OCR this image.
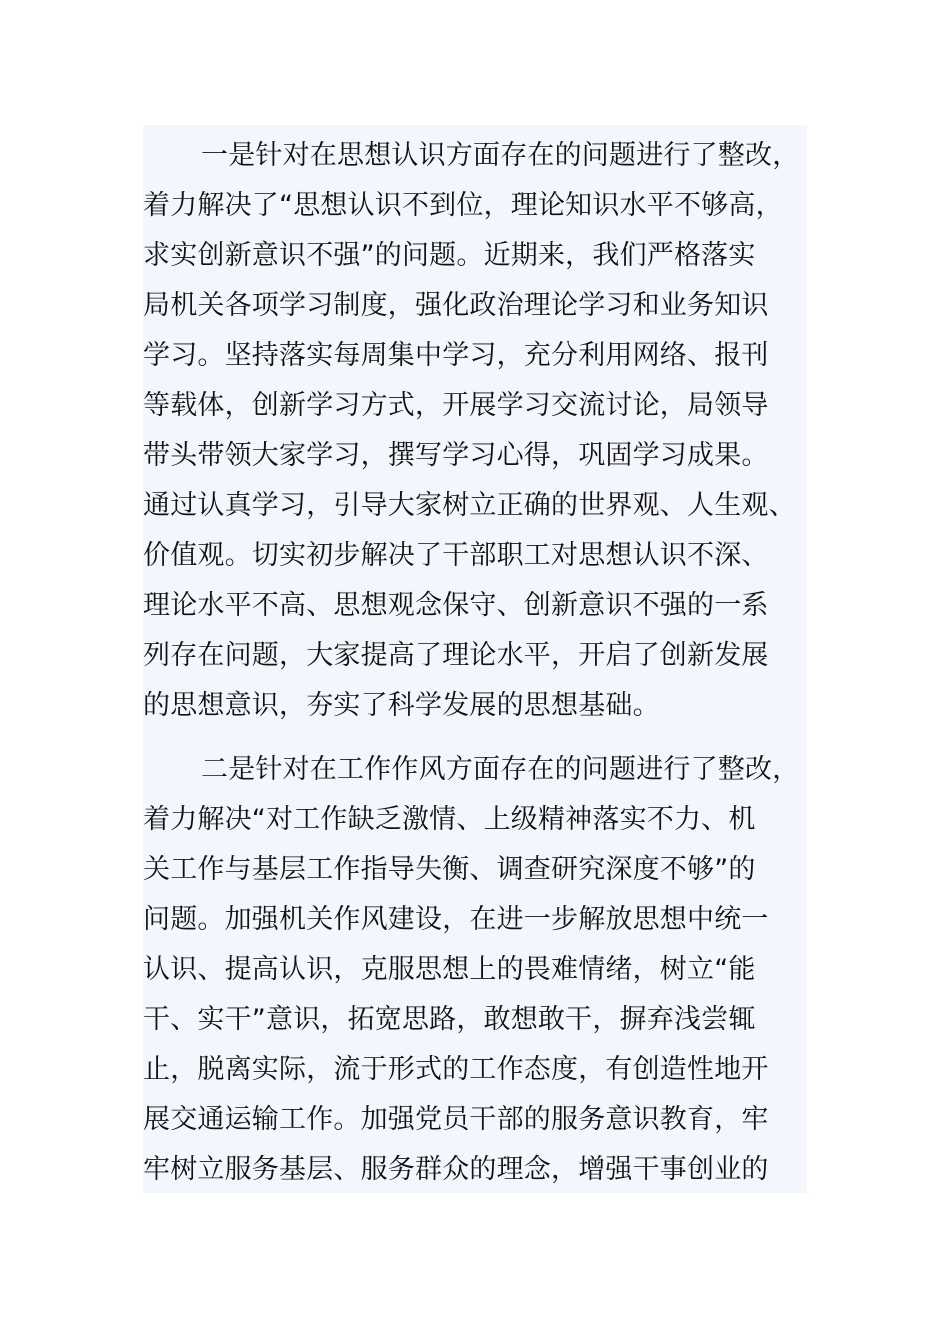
一是针对在思想认识方面存在的问题进行了整改，
着力解决了“思想认识不到位，理论知识水平不够高，
求实创新意识不强”的问题。近期来，我们严格落实
局机关各项学习制度，强化政治理论学习和业务知识
学习。坚持落实每周集中学习，充分利用网络、报刊
等载体，创新学习方式，开展学习交流讨论，局领导
带头带领大家学习，撰写学习心得，巩固学习成果。
通过认真学习，引导大家树立正确的世界观、人生观、
价值观。切实初步解决了干部职工对思想认识不深、
理论水平不高、思想观念保守、创新意识不强的一系
列存在问题，大家提高了理论水平，开启了创新发展
的思想意识，夯实了科学发展的思想基础。
二是针对在工作作风方面存在的问题进行了整改，
着力解决“对工作缺乏激情、上级精神落实不力、机
关工作与基层工作指导失衡、调查研究深度不够”的
问题。加强机关作风建设，在进一步解放思想中统一
认识、提高认识，克服思想上的畏难情绪，树立“能
干、实干”意识，拓宽思路，敢想敢干，摒弃浅尝辄
止，脱离实际，流于形式的工作态度，有创造性地开
展交通运输工作。加强党员干部的服务意识教育，牢
牢树立服务基层、服务群众的理念，增强干事创业的
